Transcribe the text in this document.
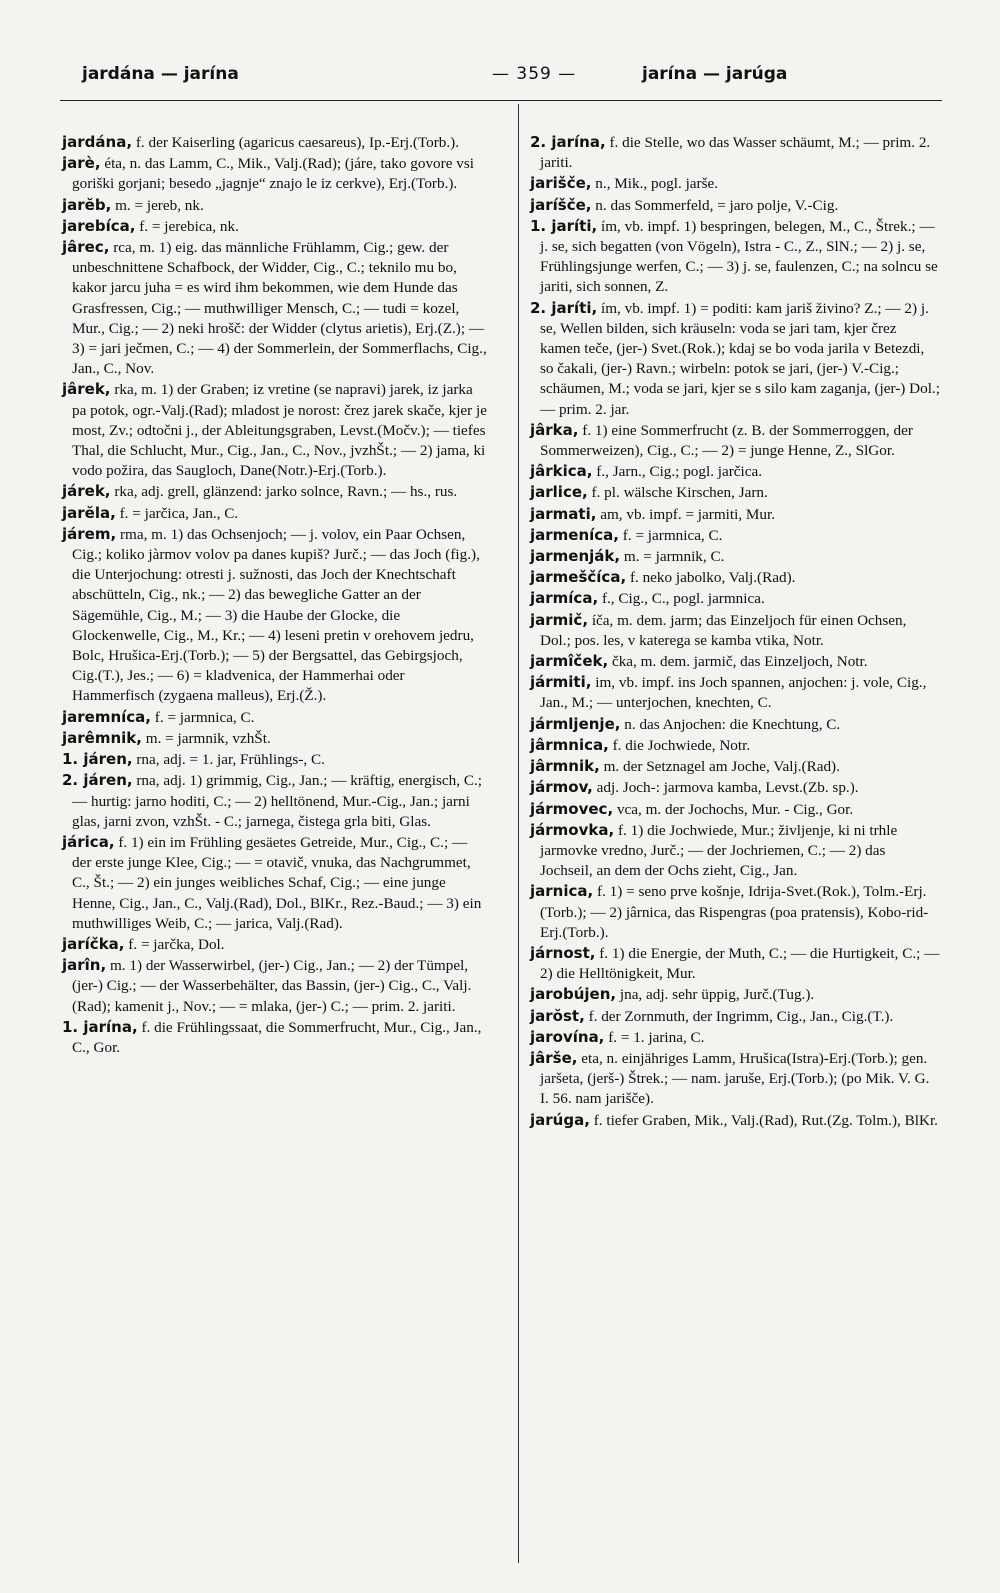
jardána — jarína	— 359 —	jarína — jarúga

jardána, f. der Kaiserling (agaricus caesareus), Ip.-Erj.(Torb.).

jarè, éta, n. das Lamm, C., Mik., Valj.(Rad); (járe, tako govore vsi goriški gorjani; besedo „jagnje“ znajo le iz cerkve), Erj.(Torb.).

jarĕb, m. = jereb, nk.

jarebíca, f. = jerebica, nk.

jârec, rca, m. 1) eig. das männliche Frühlamm, Cig.; gew. der unbeschnittene Schafbock, der Widder, Cig., C.; teknilo mu bo, kakor jarcu juha = es wird ihm bekommen, wie dem Hunde das Grasfressen, Cig.; — muthwilliger Mensch, C.; — tudi = kozel, Mur., Cig.; — 2) neki hrošč: der Widder (clytus arietis), Erj.(Z.); — 3) = jari ječmen, C.; — 4) der Sommerlein, der Sommerflachs, Cig., Jan., C., Nov.

jârek, rka, m. 1) der Graben; iz vretine (se napravi) jarek, iz jarka pa potok, ogr.-Valj.(Rad); mladost je norost: črez jarek skače, kjer je most, Zv.; odtočni j., der Ableitungsgraben, Levst.(Močv.); — tiefes Thal, die Schlucht, Mur., Cig., Jan., C., Nov., jvzhŠt.; — 2) jama, ki vodo požira, das Saugloch, Dane(Notr.)-Erj.(Torb.).

járek, rka, adj. grell, glänzend: jarko solnce, Ravn.; — hs., rus.

jarĕla, f. = jarčica, Jan., C.

járem, rma, m. 1) das Ochsenjoch; — j. volov, ein Paar Ochsen, Cig.; koliko jàrmov volov pa danes kupiš? Jurč.; — das Joch (fig.), die Unterjochung: otresti j. sužnosti, das Joch der Knechtschaft abschütteln, Cig., nk.; — 2) das bewegliche Gatter an der Sägemühle, Cig., M.; — 3) die Haube der Glocke, die Glockenwelle, Cig., M., Kr.; — 4) leseni pretin v orehovem jedru, Bolc, Hrušica-Erj.(Torb.); — 5) der Bergsattel, das Gebirgsjoch, Cig.(T.), Jes.; — 6) = kladvenica, der Hammerhai oder Hammerfisch (zygaena malleus), Erj.(Ž.).

jaremníca, f. = jarmnica, C.

jarêmnik, m. = jarmnik, vzhŠt.

1. járen, rna, adj. = 1. jar, Frühlings-, C.

2. járen, rna, adj. 1) grimmig, Cig., Jan.; — kräftig, energisch, C.; — hurtig: jarno hoditi, C.; — 2) helltönend, Mur.-Cig., Jan.; jarni glas, jarni zvon, vzhŠt. - C.; jarnega, čistega grla biti, Glas.

járica, f. 1) ein im Frühling gesäetes Getreide, Mur., Cig., C.; — der erste junge Klee, Cig.; — = otavič, vnuka, das Nachgrummet, C., Št.; — 2) ein junges weibliches Schaf, Cig.; — eine junge Henne, Cig., Jan., C., Valj.(Rad), Dol., BlKr., Rez.-Baud.; — 3) ein muthwilliges Weib, C.; — jarica, Valj.(Rad).

jaríčka, f. = jarčka, Dol.

jarîn, m. 1) der Wasserwirbel, (jer-) Cig., Jan.; — 2) der Tümpel, (jer-) Cig.; — der Wasserbehälter, das Bassin, (jer-) Cig., C., Valj.(Rad); kamenit j., Nov.; — = mlaka, (jer-) C.; — prim. 2. jariti.

1. jarína, f. die Frühlingssaat, die Sommerfrucht, Mur., Cig., Jan., C., Gor.

2. jarína, f. die Stelle, wo das Wasser schäumt, M.; — prim. 2. jariti.

jarišče, n., Mik., pogl. jarše.

jaríšče, n. das Sommerfeld, = jaro polje, V.-Cig.

1. jaríti, ím, vb. impf. 1) bespringen, belegen, M., C., Štrek.; — j. se, sich begatten (von Vögeln), Istra - C., Z., SlN.; — 2) j. se, Frühlingsjunge werfen, C.; — 3) j. se, faulenzen, C.; na solncu se jariti, sich sonnen, Z.

2. jaríti, ím, vb. impf. 1) = poditi: kam jariš živino? Z.; — 2) j. se, Wellen bilden, sich kräuseln: voda se jari tam, kjer črez kamen teče, (jer-) Svet.(Rok.); kdaj se bo voda jarila v Betezdi, so čakali, (jer-) Ravn.; wirbeln: potok se jari, (jer-) V.-Cig.; schäumen, M.; voda se jari, kjer se s silo kam zaganja, (jer-) Dol.; — prim. 2. jar.

jârka, f. 1) eine Sommerfrucht (z. B. der Sommerroggen, der Sommerweizen), Cig., C.; — 2) = junge Henne, Z., SlGor.

jârkica, f., Jarn., Cig.; pogl. jarčica.

jarlice, f. pl. wälsche Kirschen, Jarn.

jarmati, am, vb. impf. = jarmiti, Mur.

jarmeníca, f. = jarmnica, C.

jarmenják, m. = jarmnik, C.

jarmeščíca, f. neko jabolko, Valj.(Rad).

jarmíca, f., Cig., C., pogl. jarmnica.

jarmič, íča, m. dem. jarm; das Einzeljoch für einen Ochsen, Dol.; pos. les, v katerega se kamba vtika, Notr.

jarmîček, čka, m. dem. jarmič, das Einzeljoch, Notr.

jármiti, im, vb. impf. ins Joch spannen, anjochen: j. vole, Cig., Jan., M.; — unterjochen, knechten, C.

jármljenje, n. das Anjochen: die Knechtung, C.

jârmnica, f. die Jochwiede, Notr.

jârmnik, m. der Setznagel am Joche, Valj.(Rad).

jármov, adj. Joch-: jarmova kamba, Levst.(Zb. sp.).

jármovec, vca, m. der Jochochs, Mur. - Cig., Gor.

jármovka, f. 1) die Jochwiede, Mur.; življenje, ki ni trhle jarmovke vredno, Jurč.; — der Jochriemen, C.; — 2) das Jochseil, an dem der Ochs zieht, Cig., Jan.

jarnica, f. 1) = seno prve košnje, Idrija-Svet.(Rok.), Tolm.-Erj.(Torb.); — 2) jârnica, das Rispengras (poa pratensis), Kobo-rid-Erj.(Torb.).

járnost, f. 1) die Energie, der Muth, C.; — die Hurtigkeit, C.; — 2) die Helltönigkeit, Mur.

jarobújen, jna, adj. sehr üppig, Jurč.(Tug.).

jarŏst, f. der Zornmuth, der Ingrimm, Cig., Jan., Cig.(T.).

jarovína, f. = 1. jarina, C.

jârše, eta, n. einjähriges Lamm, Hrušica(Istra)-Erj.(Torb.); gen. jaršeta, (jerš-) Štrek.; — nam. jaruše, Erj.(Torb.); (po Mik. V. G. I. 56. nam jarišče).

jarúga, f. tiefer Graben, Mik., Valj.(Rad), Rut.(Zg. Tolm.), BlKr.
